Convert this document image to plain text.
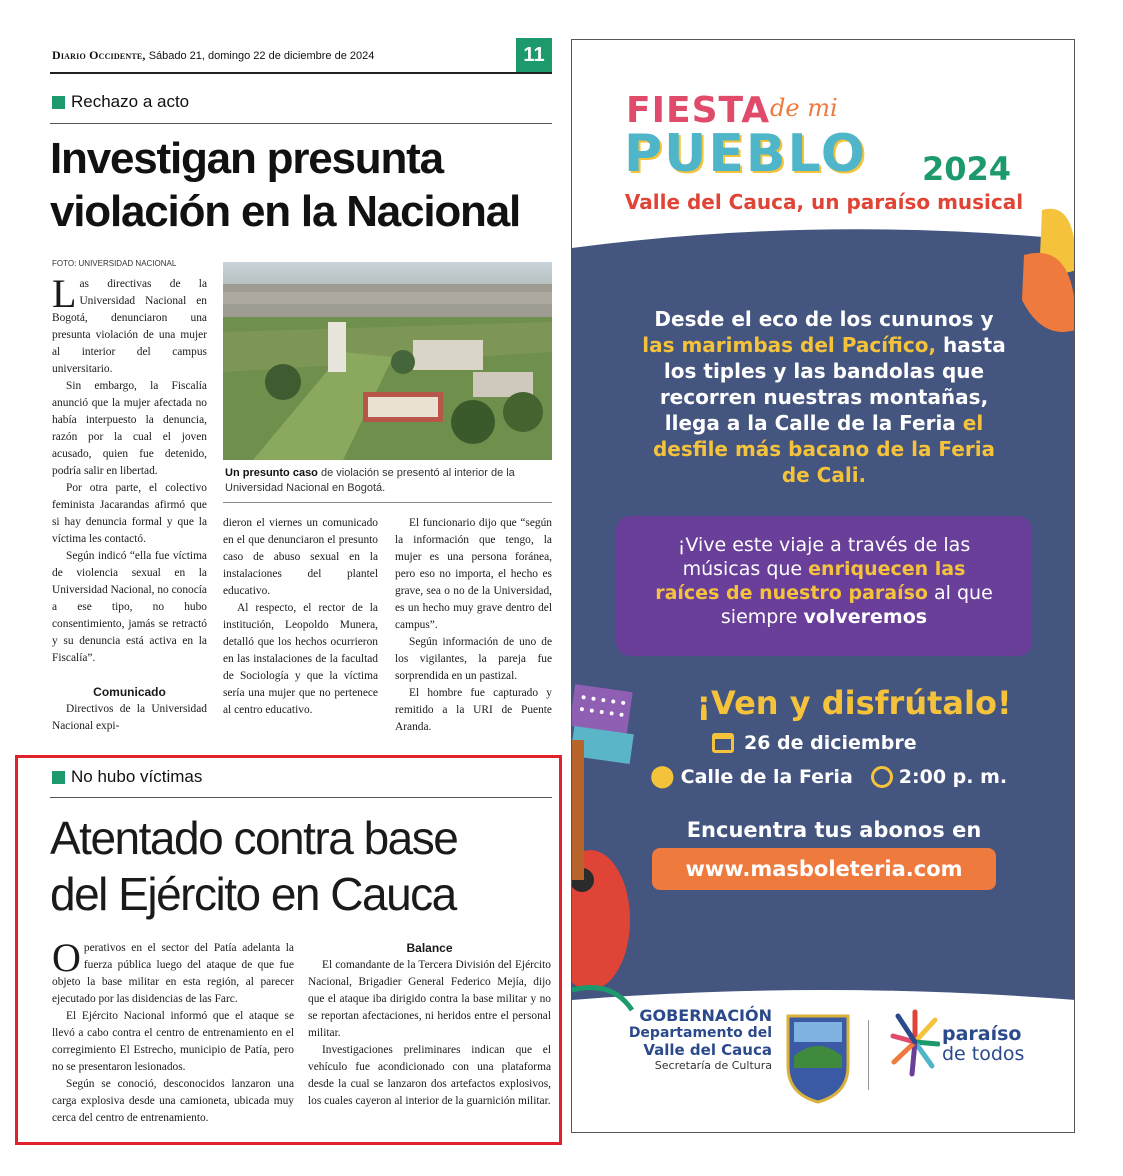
Diario Occidente, Sábado 21, domingo 22 de diciembre de 2024	11
Rechazo a acto
Investigan presunta
violación en la Nacional
FOTO: UNIVERSIDAD NACIONAL

Las directivas de la Universidad Nacional en Bogotá, denunciaron una presunta violación de una mujer al interior del campus universitario.

Sin embargo, la Fiscalía anunció que la mujer afectada no había interpuesto la denuncia, razón por la cual el joven acusado, quien fue detenido, podría salir en libertad.

Por otra parte, el colectivo feminista Jacarandas afirmó que si hay denuncia formal y que la víctima les contactó.

Según indicó “ella fue víctima de violencia sexual en la Universidad Nacional, no conocía a ese tipo, no hubo consentimiento, jamás se retractó y su denuncia está activa en la Fiscalía”.

Comunicado

Directivos de la Universidad Nacional expi-

Un presunto caso de violación se presentó al interior de la Universidad Nacional en Bogotá.

dieron el viernes un comunicado en el que denunciaron el presunto caso de abuso sexual en la instalaciones del plantel educativo.

Al respecto, el rector de la institución, Leopoldo Munera, detalló que los hechos ocurrieron en las instalaciones de la facultad de Sociología y que la víctima sería una mujer que no pertenece al centro educativo.

El funcionario dijo que “según la información que tengo, la mujer es una persona foránea, pero eso no importa, el hecho es grave, sea o no de la Universidad, es un hecho muy grave dentro del campus”.

Según información de uno de los vigilantes, la pareja fue sorprendida en un pastizal.

El hombre fue capturado y remitido a la URI de Puente Aranda.

No hubo víctimas
Atentado contra base
del Ejército en Cauca

Operativos en el sector del Patía adelanta la fuerza pública luego del ataque de que fue objeto la base militar en esta región, al parecer ejecutado por las disidencias de las Farc.

El Ejército Nacional informó que el ataque se llevó a cabo contra el centro de entrenamiento en el corregimiento El Estrecho, municipio de Patía, pero no se presentaron lesionados.

Según se conoció, desconocidos lanzaron una carga explosiva desde una camioneta, ubicada muy cerca del centro de entrenamiento.

Balance

El comandante de la Tercera División del Ejército Nacional, Brigadier General Federico Mejía, dijo que el ataque iba dirigido contra la base militar y no se reportan afectaciones, ni heridos entre el personal militar.

Investigaciones preliminares indican que el vehículo fue acondicionado con una plataforma desde la cual se lanzaron dos artefactos explosivos, los cuales cayeron al interior de la guarnición militar.

FIESTA de mi
PUEBLO 2024
Valle del Cauca, un paraíso musical
Desde el eco de los cununos y
las marimbas del Pacífico, hasta
los tiples y las bandolas que
recorren nuestras montañas,
llega a la Calle de la Feria el
desfile más bacano de la Feria
de Cali.
¡Vive este viaje a través de las
músicas que enriquecen las
raíces de nuestro paraíso al que
siempre volveremos
¡Ven y disfrútalo!
26 de diciembre
⬤ Calle de la Feria 2:00 p. m.
Encuentra tus abonos en
www.masboleteria.com
GOBERNACIÓN
Departamento del
Valle del Cauca
Secretaría de Cultura
paraíso
de todos
